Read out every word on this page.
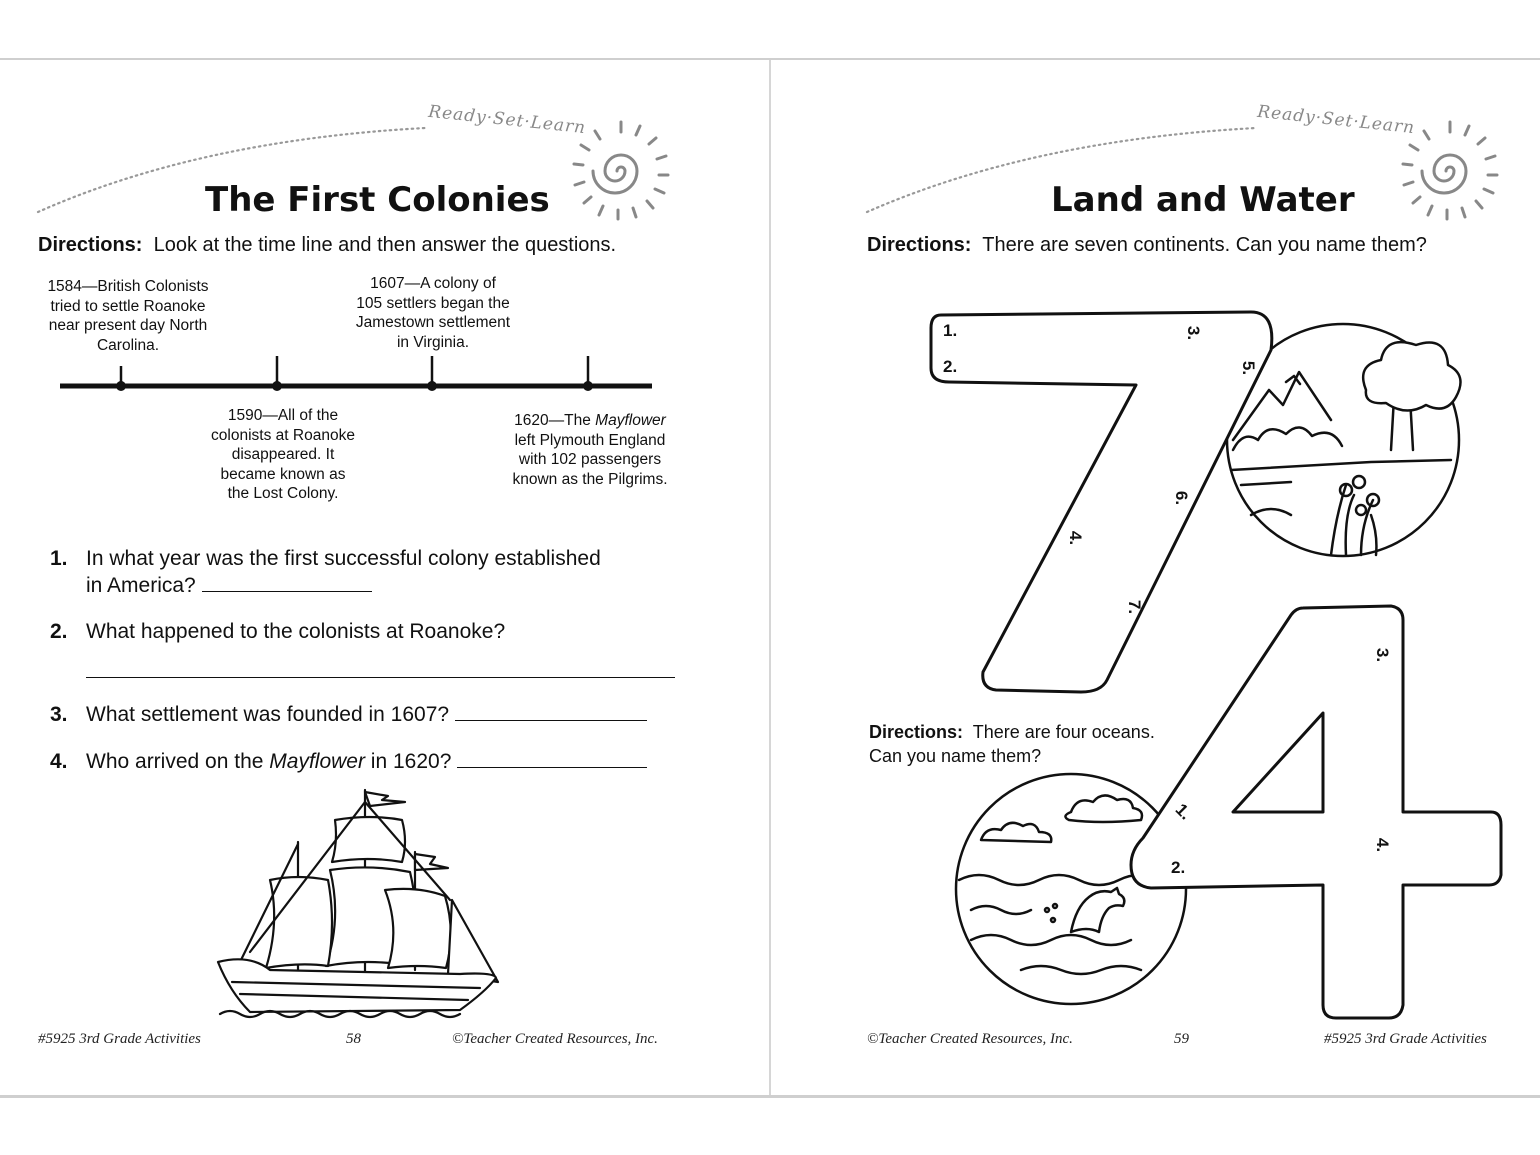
Ready·Set·Learn
The First Colonies
Directions: Look at the time line and then answer the questions.
1584—British Colonists
tried to settle Roanoke
near present day North
Carolina.
1607—A colony of
105 settlers began the
Jamestown settlement
in Virginia.
1590—All of the
colonists at Roanoke
disappeared. It
became known as
the Lost Colony.
1620—The Mayflower
left Plymouth England
with 102 passengers
known as the Pilgrims.
1. In what year was the first successful colony established
in America?
2. What happened to the colonists at Roanoke?
3. What settlement was founded in 1607?
4. Who arrived on the Mayflower in 1620?
#5925 3rd Grade Activities	58	©Teacher Created Resources, Inc.
Ready·Set·Learn
Land and Water
Directions: There are seven continents. Can you name them?
1.
2.
3.
4.
5.
6.
7.
Directions: There are four oceans.
Can you name them?
3.
1.
2.
4.
©Teacher Created Resources, Inc.	59	#5925 3rd Grade Activities
